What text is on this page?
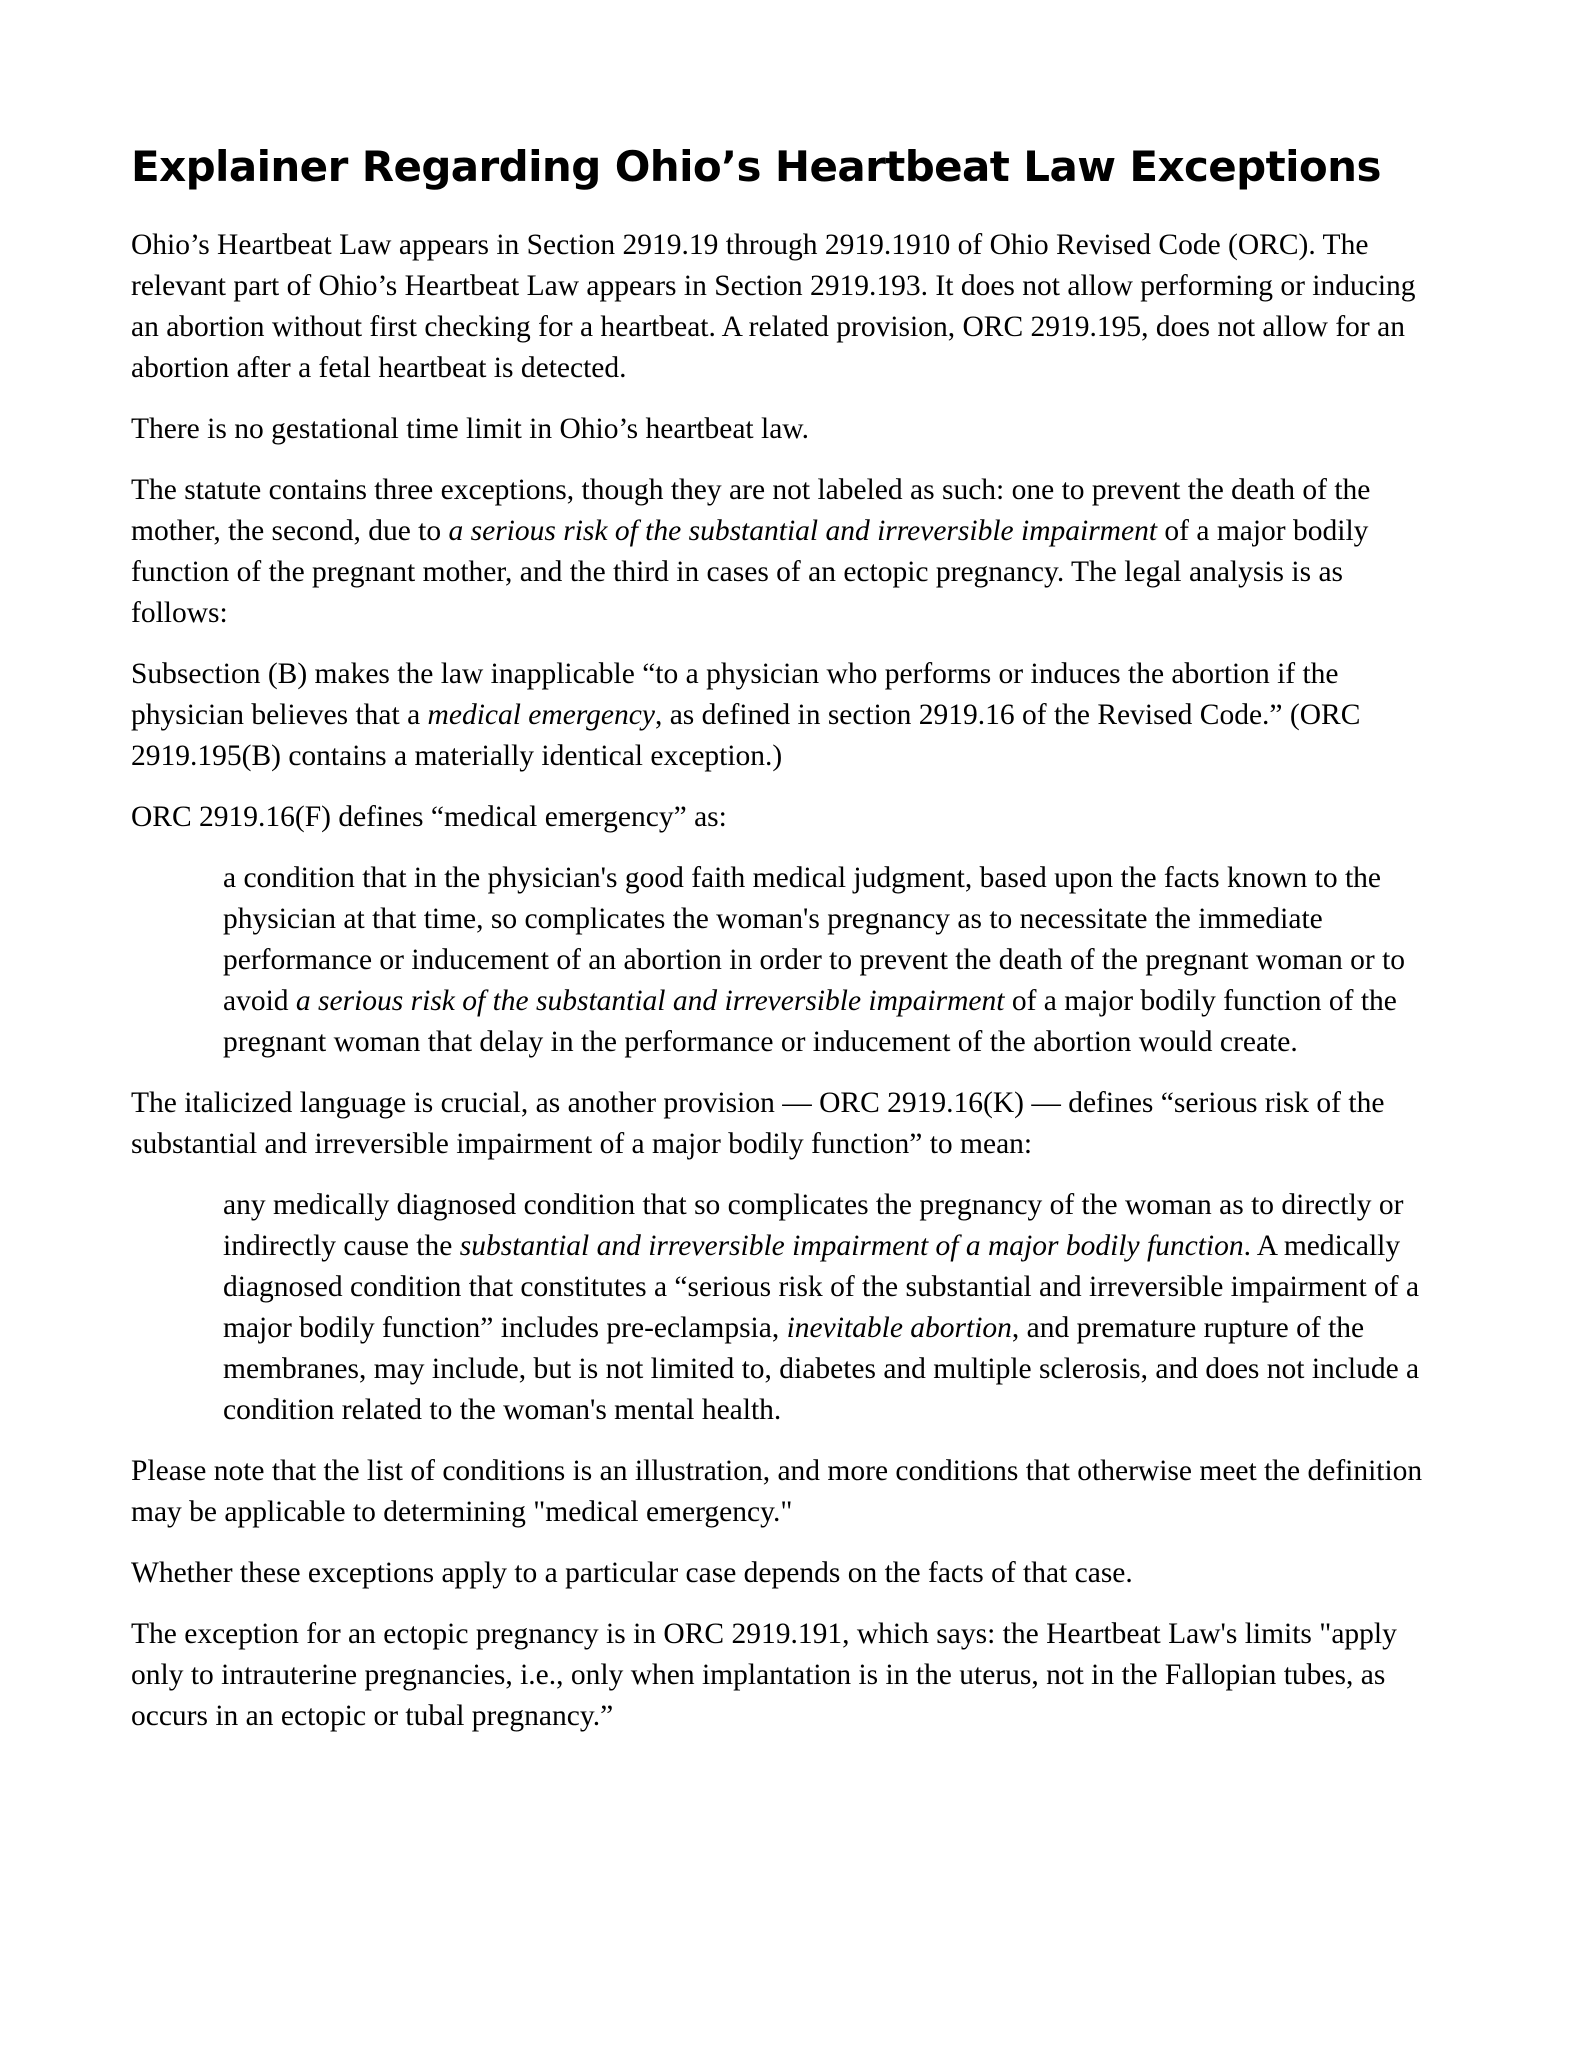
Explainer Regarding Ohio’s Heartbeat Law Exceptions

Ohio’s Heartbeat Law appears in Section 2919.19 through 2919.1910 of Ohio Revised Code (ORC). The relevant part of Ohio’s Heartbeat Law appears in Section 2919.193. It does not allow performing or inducing an abortion without first checking for a heartbeat. A related provision, ORC 2919.195, does not allow for an abortion after a fetal heartbeat is detected.

There is no gestational time limit in Ohio’s heartbeat law.

The statute contains three exceptions, though they are not labeled as such: one to prevent the death of the mother, the second, due to a serious risk of the substantial and irreversible impairment of a major bodily function of the pregnant mother, and the third in cases of an ectopic pregnancy. The legal analysis is as follows:

Subsection (B) makes the law inapplicable “to a physician who performs or induces the abortion if the physician believes that a medical emergency, as defined in section 2919.16 of the Revised Code.” (ORC 2919.195(B) contains a materially identical exception.)

ORC 2919.16(F) defines “medical emergency” as:

a condition that in the physician's good faith medical judgment, based upon the facts known to the physician at that time, so complicates the woman's pregnancy as to necessitate the immediate performance or inducement of an abortion in order to prevent the death of the pregnant woman or to avoid a serious risk of the substantial and irreversible impairment of a major bodily function of the pregnant woman that delay in the performance or inducement of the abortion would create.

The italicized language is crucial, as another provision — ORC 2919.16(K) — defines “serious risk of the substantial and irreversible impairment of a major bodily function” to mean:

any medically diagnosed condition that so complicates the pregnancy of the woman as to directly or indirectly cause the substantial and irreversible impairment of a major bodily function. A medically diagnosed condition that constitutes a “serious risk of the substantial and irreversible impairment of a major bodily function” includes pre-eclampsia, inevitable abortion, and premature rupture of the membranes, may include, but is not limited to, diabetes and multiple sclerosis, and does not include a condition related to the woman's mental health.

Please note that the list of conditions is an illustration, and more conditions that otherwise meet the definition may be applicable to determining "medical emergency."

Whether these exceptions apply to a particular case depends on the facts of that case.

The exception for an ectopic pregnancy is in ORC 2919.191, which says: the Heartbeat Law's limits "apply only to intrauterine pregnancies, i.e., only when implantation is in the uterus, not in the Fallopian tubes, as occurs in an ectopic or tubal pregnancy.”
